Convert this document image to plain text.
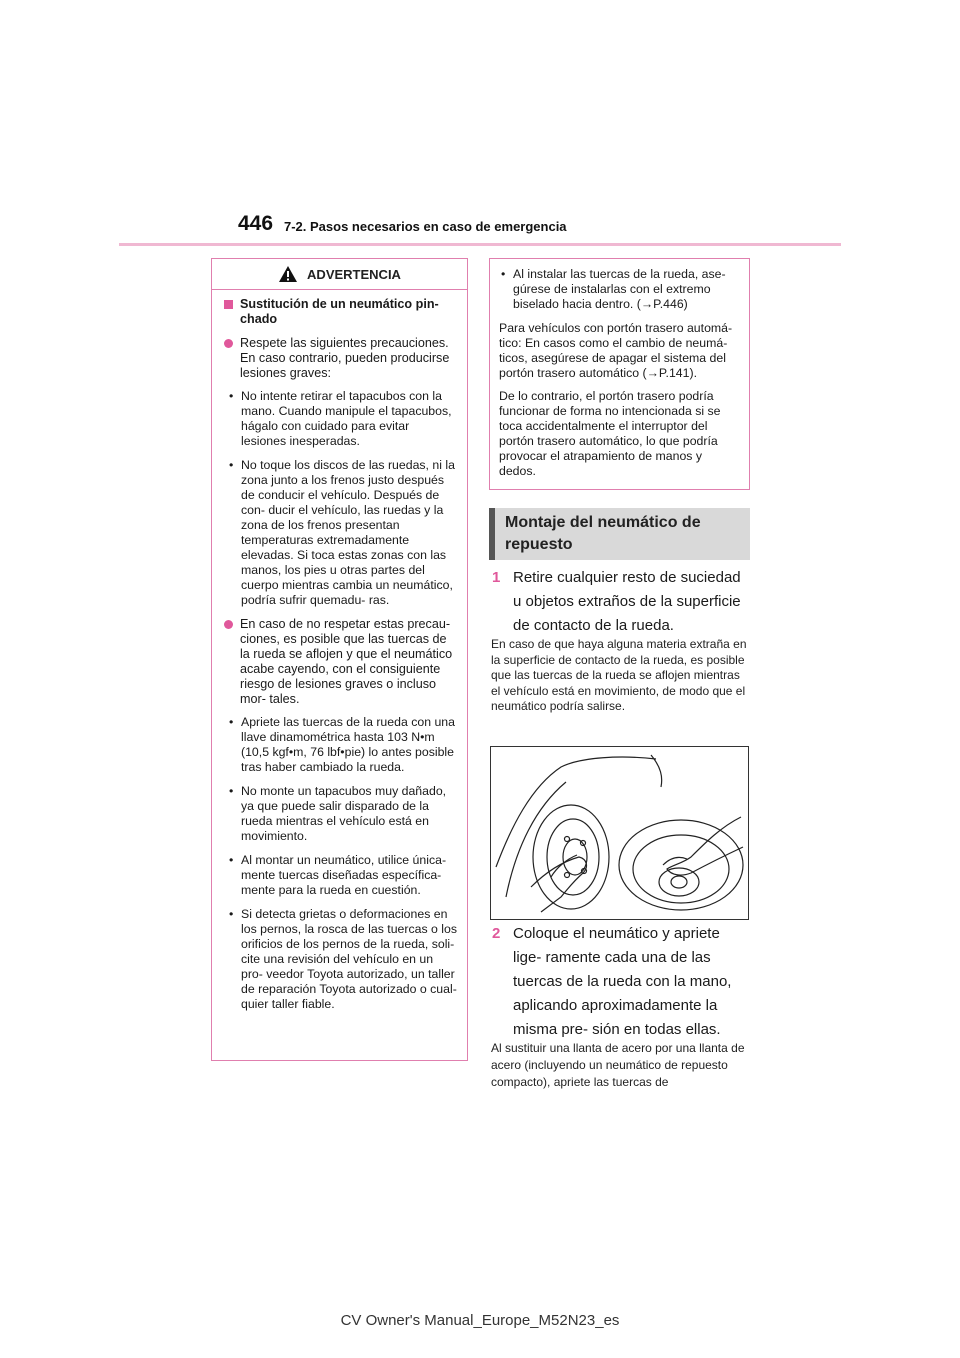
446 7-2. Pasos necesarios en caso de emergencia
ADVERTENCIA
Sustitución de un neumático pin- chado
Respete las siguientes precauciones. En caso contrario, pueden producirse lesiones graves:
• No intente retirar el tapacubos con la mano. Cuando manipule el tapacubos, hágalo con cuidado para evitar lesiones inesperadas.
• No toque los discos de las ruedas, ni la zona junto a los frenos justo después de conducir el vehículo. Después de con- ducir el vehículo, las ruedas y la zona de los frenos presentan temperaturas extremadamente elevadas. Si toca estas zonas con las manos, los pies u otras partes del cuerpo mientras cambia un neumático, podría sufrir quemadu- ras.
En caso de no respetar estas precau- ciones, es posible que las tuercas de la rueda se aflojen y que el neumático acabe cayendo, con el consiguiente riesgo de lesiones graves o incluso mor- tales.
• Apriete las tuercas de la rueda con una llave dinamométrica hasta 103 N•m (10,5 kgf•m, 76 lbf•pie) lo antes posible tras haber cambiado la rueda.
• No monte un tapacubos muy dañado, ya que puede salir disparado de la rueda mientras el vehículo está en movimiento.
• Al montar un neumático, utilice única- mente tuercas diseñadas específica- mente para la rueda en cuestión.
• Si detecta grietas o deformaciones en los pernos, la rosca de las tuercas o los orificios de los pernos de la rueda, soli- cite una revisión del vehículo en un pro- veedor Toyota autorizado, un taller de reparación Toyota autorizado o cual- quier taller fiable.
• Al instalar las tuercas de la rueda, ase- gúrese de instalarlas con el extremo biselado hacia dentro. (→P.446)

Para vehículos con portón trasero automá- tico: En casos como el cambio de neumá- ticos, asegúrese de apagar el sistema del portón trasero automático (→P.141).

De lo contrario, el portón trasero podría funcionar de forma no intencionada si se toca accidentalmente el interruptor del portón trasero automático, lo que podría provocar el atrapamiento de manos y dedos.

Montaje del neumático de repuesto
1 Retire cualquier resto de suciedad u objetos extraños de la superficie de contacto de la rueda.
En caso de que haya alguna materia extraña en la superficie de contacto de la rueda, es posible que las tuercas de la rueda se aflojen mientras el vehículo está en movimiento, de modo que el neumático podría salirse.
2 Coloque el neumático y apriete lige- ramente cada una de las tuercas de la rueda con la mano, aplicando aproximadamente la misma pre- sión en todas ellas.
Al sustituir una llanta de acero por una llanta de acero (incluyendo un neumático de repuesto compacto), apriete las tuercas de
CV Owner's Manual_Europe_M52N23_es
